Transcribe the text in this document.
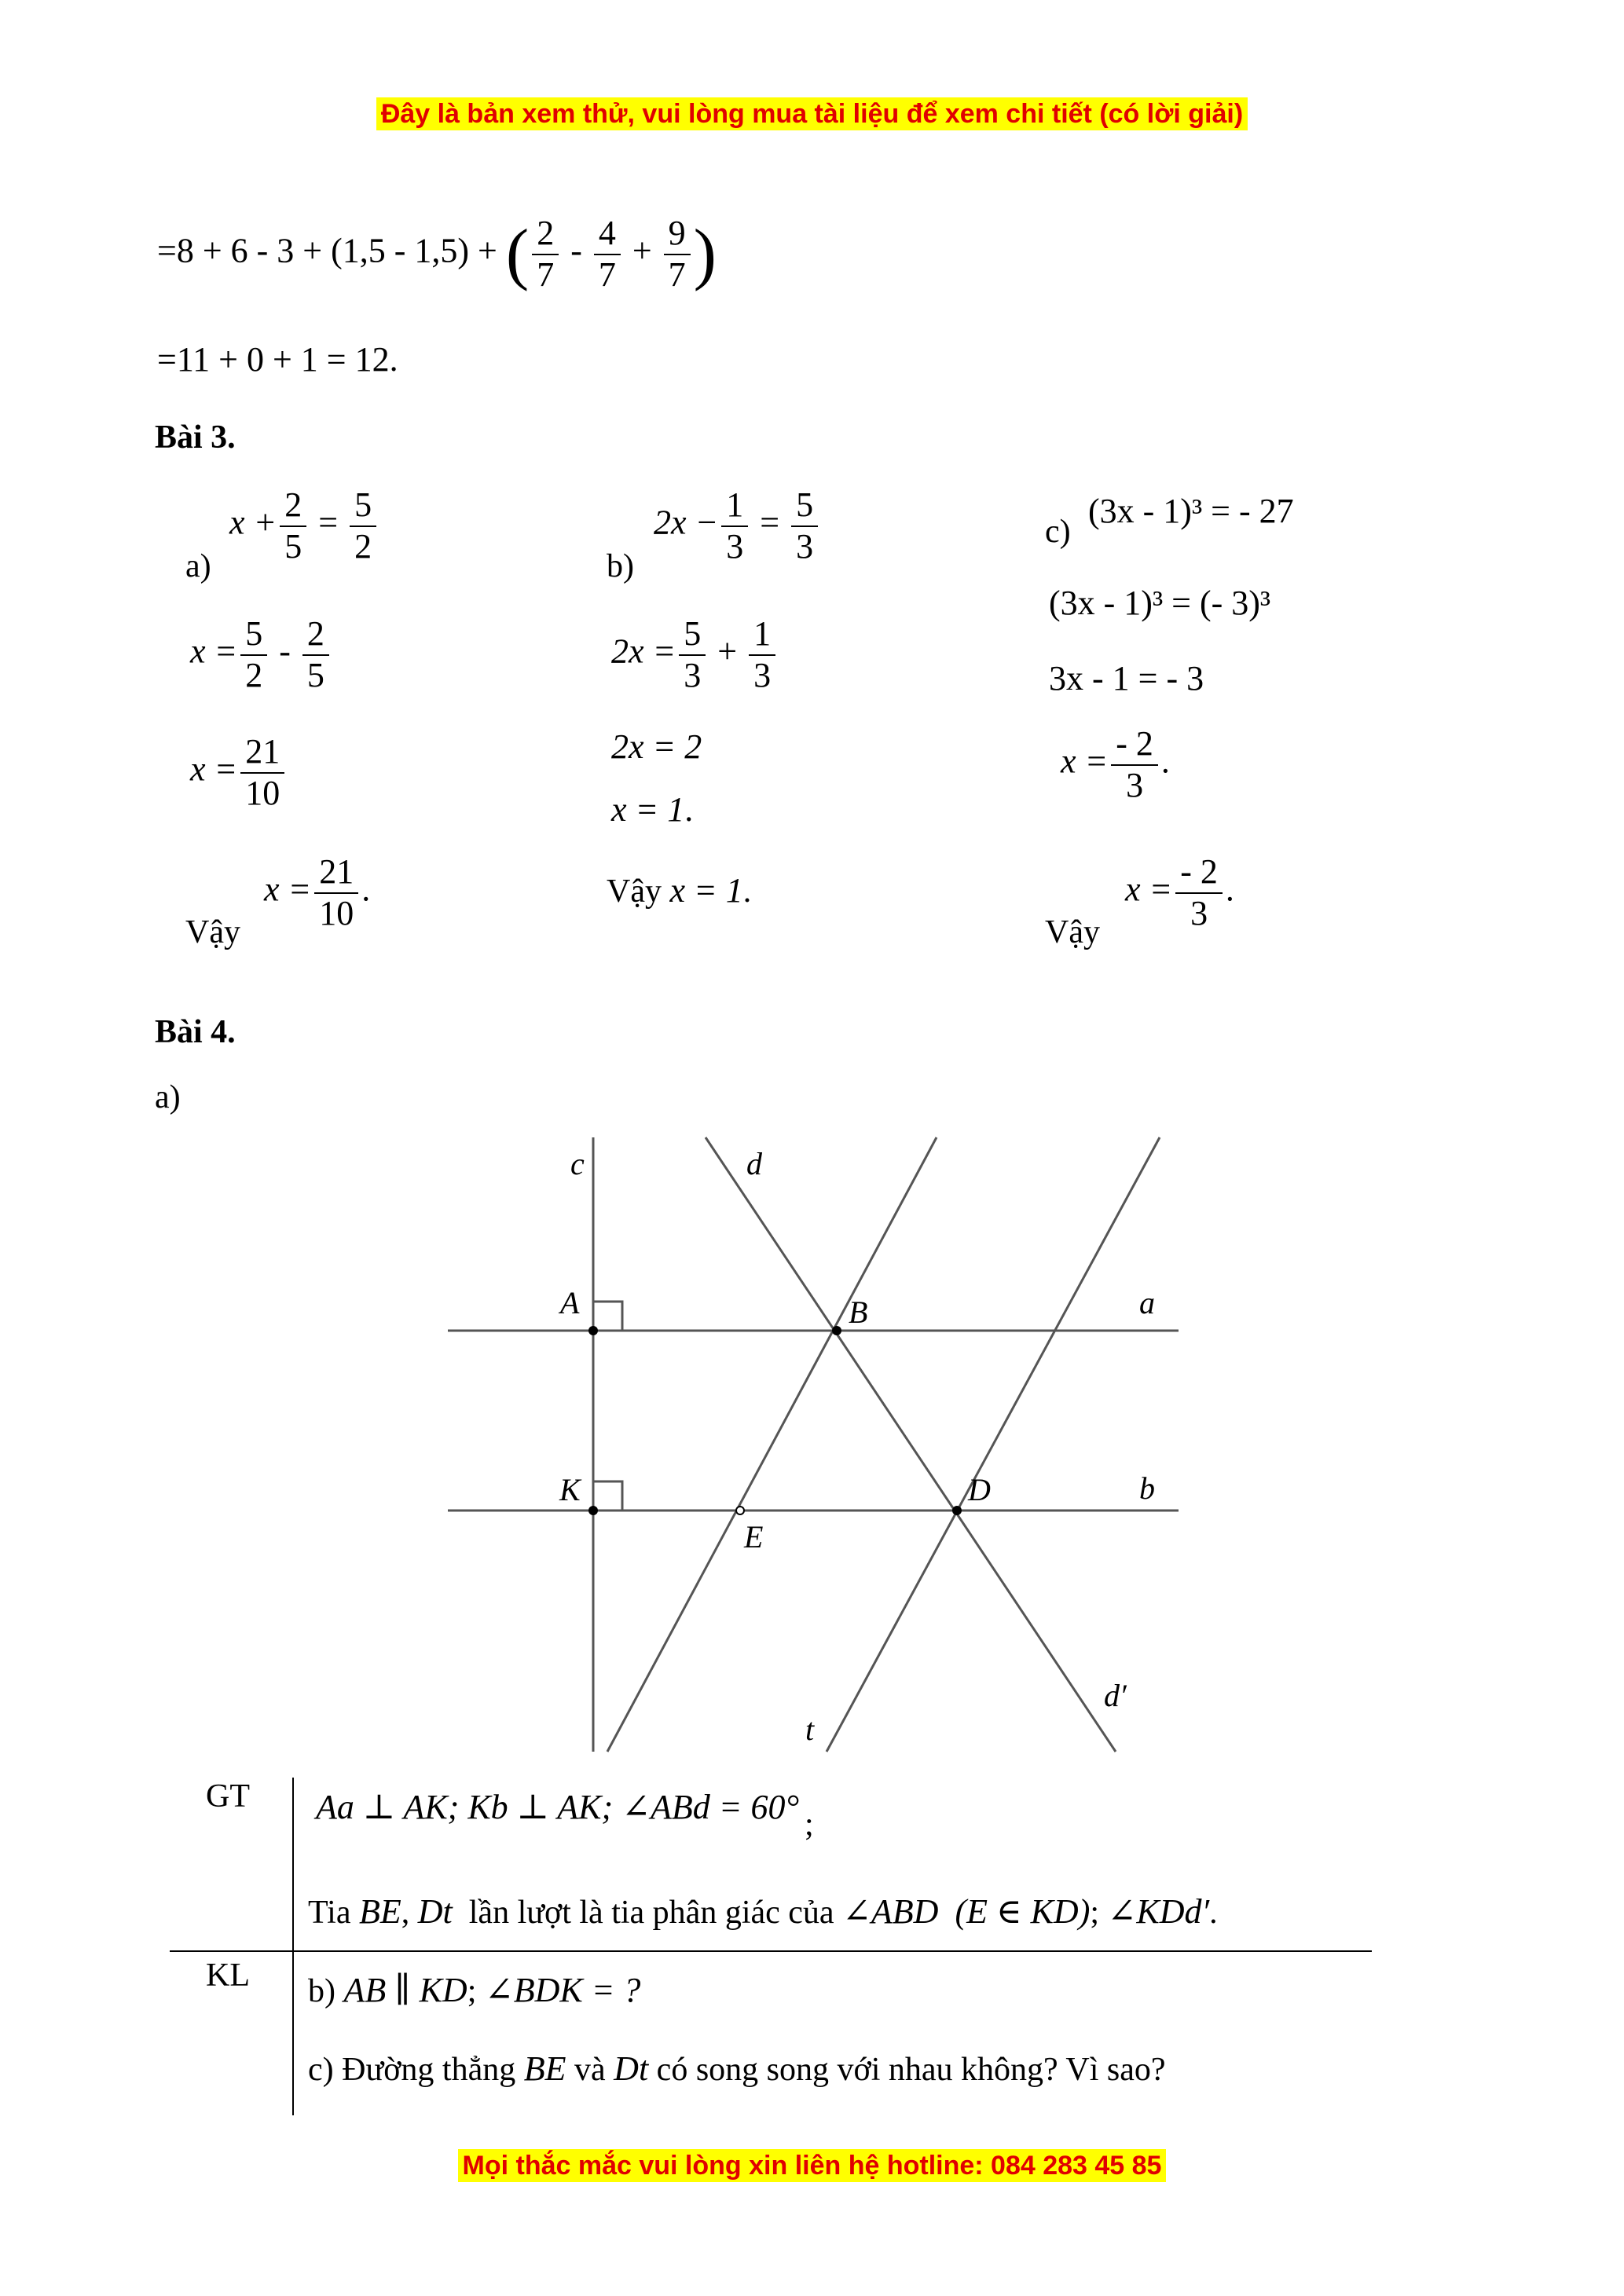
Đây là bản xem thử, vui lòng mua tài liệu để xem chi tiết (có lời giải)
=8 + 6 - 3 + (1,5 - 1,5) + ( $\frac{2}{7} - \frac{4}{7} + \frac{9}{7}$ )
=11 + 0 + 1 = 12.
Bài 3.
a)
$x + \frac{2}{5} = \frac{5}{2}$
$x = \frac{5}{2} - \frac{2}{5}$
$x = \frac{21}{10}$
Vậy
$x = \frac{21}{10}$ .
b)
$2x - \frac{1}{3} = \frac{5}{3}$
$2x = \frac{5}{3} + \frac{1}{3}$
2x = 2
x = 1.
Vậy x = 1.
c)
(3x - 1)³ = - 27
(3x - 1)³ = (- 3)³
3x - 1 = - 3
$x = \frac{- 2}{3}$ .
Vậy
$x = \frac{- 2}{3}$ .
Bài 4.
a)
c	d
a
b
t
d′
A	B
K	D
E
GT Aa ⊥ AK; Kb ⊥ AK; ∠ABd = 60° ;
Tia BE, Dt lần lượt là tia phân giác của ∠ABD (E ∈ KD); ∠KDd′.
KL b) AB ∥ KD; ∠BDK = ?
c) Đường thẳng BE và Dt có song song với nhau không? Vì sao?
Mọi thắc mắc vui lòng xin liên hệ hotline: 084 283 45 85
